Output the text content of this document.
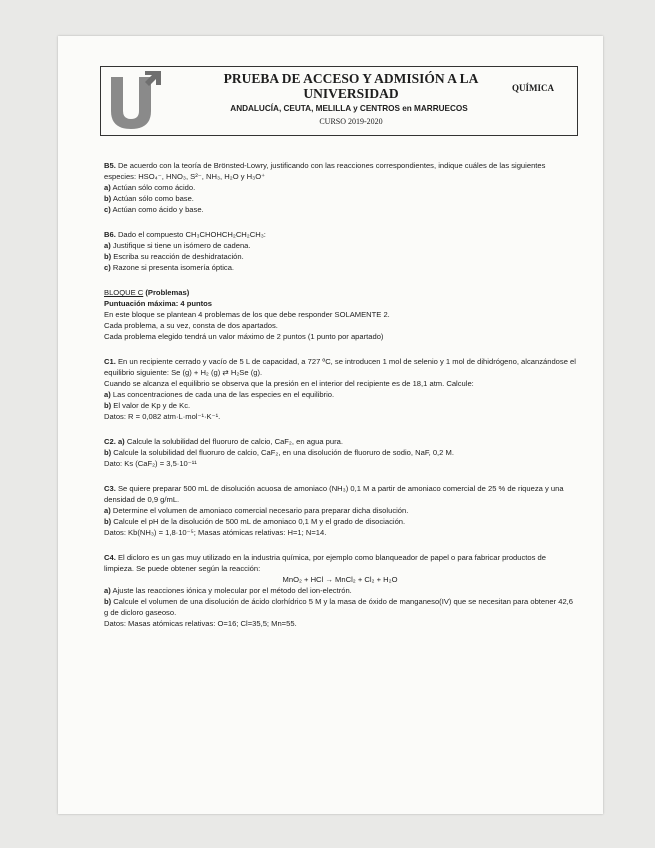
PRUEBA DE ACCESO Y ADMISIÓN A LA UNIVERSIDAD
ANDALUCÍA, CEUTA, MELILLA y CENTROS en MARRUECOS
CURSO 2019-2020
QUÍMICA

B5. De acuerdo con la teoría de Brönsted-Lowry, justificando con las reacciones correspondientes, indique cuáles de las siguientes especies: HSO₄⁻, HNO₃, S²⁻, NH₃, H₂O y H₃O⁺

a) Actúan sólo como ácido.

b) Actúan sólo como base.

c) Actúan como ácido y base.

B6. Dado el compuesto CH₃CHOHCH₂CH₂CH₃:

a) Justifique si tiene un isómero de cadena.

b) Escriba su reacción de deshidratación.

c) Razone si presenta isomería óptica.

BLOQUE C (Problemas)

Puntuación máxima: 4 puntos

En este bloque se plantean 4 problemas de los que debe responder SOLAMENTE 2.

Cada problema, a su vez, consta de dos apartados.

Cada problema elegido tendrá un valor máximo de 2 puntos (1 punto por apartado)

C1. En un recipiente cerrado y vacío de 5 L de capacidad, a 727 ºC, se introducen 1 mol de selenio y 1 mol de dihidrógeno, alcanzándose el equilibrio siguiente: Se (g) + H₂ (g) ⇄ H₂Se (g).

Cuando se alcanza el equilibrio se observa que la presión en el interior del recipiente es de 18,1 atm. Calcule:

a) Las concentraciones de cada una de las especies en el equilibrio.

b) El valor de Kp y de Kc.

Datos: R = 0,082 atm·L·mol⁻¹·K⁻¹.

C2. a) Calcule la solubilidad del fluoruro de calcio, CaF₂, en agua pura.

b) Calcule la solubilidad del fluoruro de calcio, CaF₂, en una disolución de fluoruro de sodio, NaF, 0,2 M.

Dato: Ks (CaF₂) = 3,5·10⁻¹¹

C3. Se quiere preparar 500 mL de disolución acuosa de amoniaco (NH₃) 0,1 M a partir de amoniaco comercial de 25 % de riqueza y una densidad de 0,9 g/mL.

a) Determine el volumen de amoniaco comercial necesario para preparar dicha disolución.

b) Calcule el pH de la disolución de 500 mL de amoniaco 0,1 M y el grado de disociación.

Datos: Kb(NH₃) = 1,8·10⁻⁵; Masas atómicas relativas: H=1; N=14.

C4. El dicloro es un gas muy utilizado en la industria química, por ejemplo como blanqueador de papel o para fabricar productos de limpieza. Se puede obtener según la reacción:

MnO₂ + HCl → MnCl₂ + Cl₂ + H₂O

a) Ajuste las reacciones iónica y molecular por el método del ion-electrón.

b) Calcule el volumen de una disolución de ácido clorhídrico 5 M y la masa de óxido de manganeso(IV) que se necesitan para obtener 42,6 g de dicloro gaseoso.

Datos: Masas atómicas relativas: O=16; Cl=35,5; Mn=55.
